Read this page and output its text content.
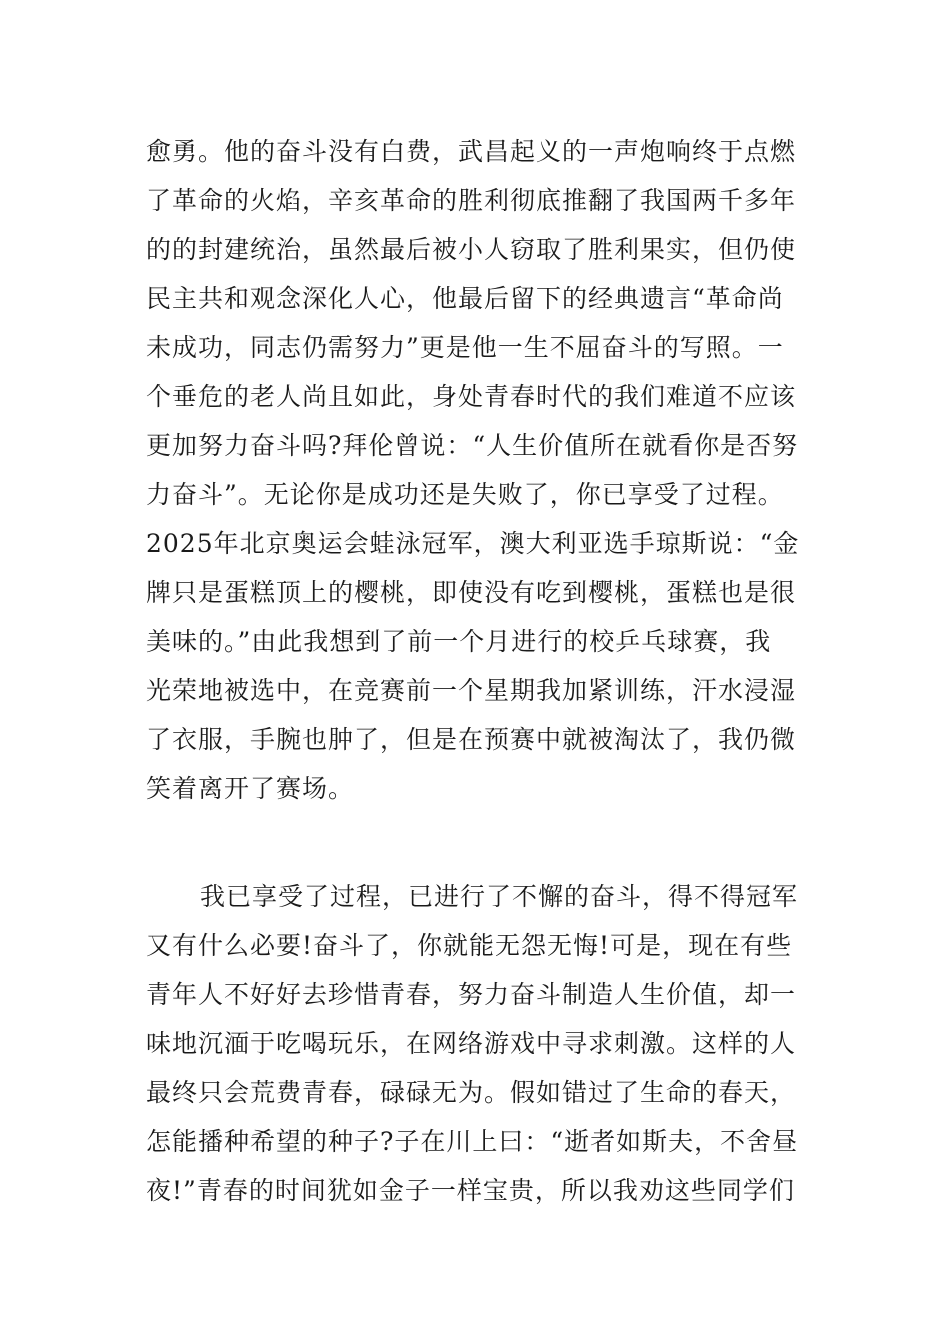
愈勇。他的奋斗没有白费，武昌起义的一声炮响终于点燃
了革命的火焰，辛亥革命的胜利彻底推翻了我国两千多年
的的封建统治，虽然最后被小人窃取了胜利果实，但仍使
民主共和观念深化人心，他最后留下的经典遗言“革命尚
未成功，同志仍需努力”更是他一生不屈奋斗的写照。一
个垂危的老人尚且如此，身处青春时代的我们难道不应该
更加努力奋斗吗?拜伦曾说：“人生价值所在就看你是否努
力奋斗”。无论你是成功还是失败了，你已享受了过程。
2025年北京奥运会蛙泳冠军，澳大利亚选手琼斯说：“金
牌只是蛋糕顶上的樱桃，即使没有吃到樱桃，蛋糕也是很
美味的。”由此我想到了前一个月进行的校乒乓球赛，我
光荣地被选中，在竞赛前一个星期我加紧训练，汗水浸湿
了衣服，手腕也肿了，但是在预赛中就被淘汰了，我仍微
笑着离开了赛场。
我已享受了过程，已进行了不懈的奋斗，得不得冠军
又有什么必要!奋斗了，你就能无怨无悔!可是，现在有些
青年人不好好去珍惜青春，努力奋斗制造人生价值，却一
味地沉湎于吃喝玩乐，在网络游戏中寻求刺激。这样的人
最终只会荒费青春，碌碌无为。假如错过了生命的春天，
怎能播种希望的种子?子在川上曰：“逝者如斯夫，不舍昼
夜!”青春的时间犹如金子一样宝贵，所以我劝这些同学们
